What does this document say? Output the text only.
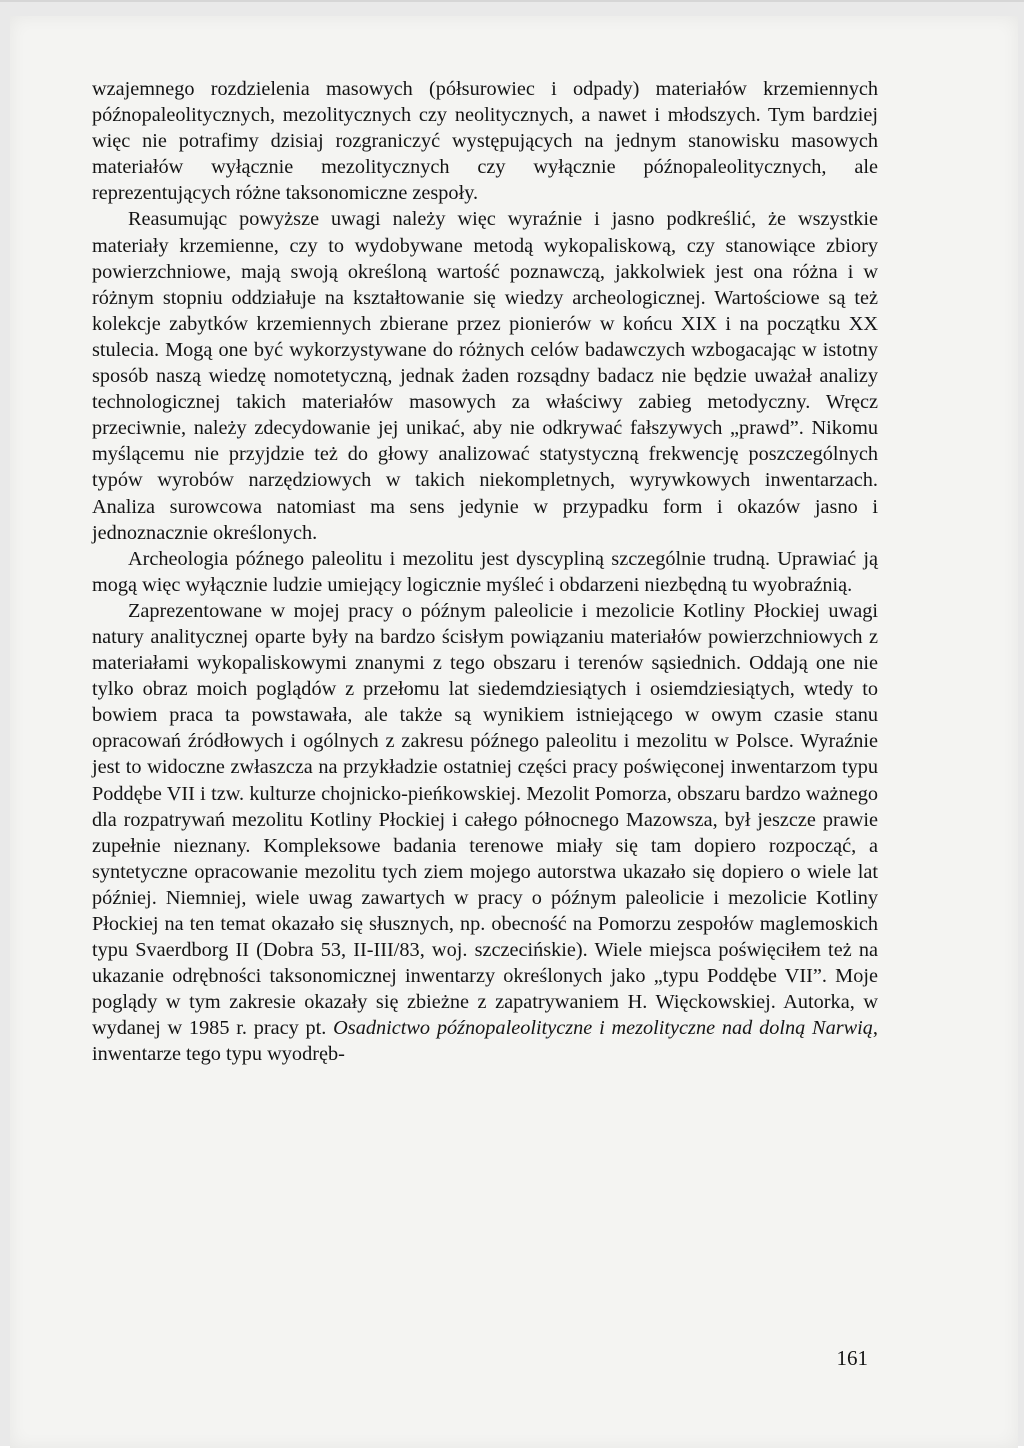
wzajemnego rozdzielenia masowych (półsurowiec i odpady) materiałów krzemiennych późnopaleolitycznych, mezolitycznych czy neolitycznych, a nawet i młodszych. Tym bardziej więc nie potrafimy dzisiaj rozgraniczyć występujących na jednym stanowisku masowych materiałów wyłącznie mezolitycznych czy wyłącznie późnopaleolitycznych, ale reprezentujących różne taksonomiczne zespoły.

Reasumując powyższe uwagi należy więc wyraźnie i jasno podkreślić, że wszystkie materiały krzemienne, czy to wydobywane metodą wykopaliskową, czy stanowiące zbiory powierzchniowe, mają swoją określoną wartość poznawczą, jakkolwiek jest ona różna i w różnym stopniu oddziałuje na kształtowanie się wiedzy archeologicznej. Wartościowe są też kolekcje zabytków krzemiennych zbierane przez pionierów w końcu XIX i na początku XX stulecia. Mogą one być wykorzystywane do różnych celów badawczych wzbogacając w istotny sposób naszą wiedzę nomotetyczną, jednak żaden rozsądny badacz nie będzie uważał analizy technologicznej takich materiałów masowych za właściwy zabieg metodyczny. Wręcz przeciwnie, należy zdecydowanie jej unikać, aby nie odkrywać fałszywych „prawd”. Nikomu myślącemu nie przyjdzie też do głowy analizować statystyczną frekwencję poszczególnych typów wyrobów narzędziowych w takich niekompletnych, wyrywkowych inwentarzach. Analiza surowcowa natomiast ma sens jedynie w przypadku form i okazów jasno i jednoznacznie określonych.

Archeologia późnego paleolitu i mezolitu jest dyscypliną szczególnie trudną. Uprawiać ją mogą więc wyłącznie ludzie umiejący logicznie myśleć i obdarzeni niezbędną tu wyobraźnią.

Zaprezentowane w mojej pracy o późnym paleolicie i mezolicie Kotliny Płockiej uwagi natury analitycznej oparte były na bardzo ścisłym powiązaniu materiałów powierzchniowych z materiałami wykopaliskowymi znanymi z tego obszaru i terenów sąsiednich. Oddają one nie tylko obraz moich poglądów z przełomu lat siedemdziesiątych i osiemdziesiątych, wtedy to bowiem praca ta powstawała, ale także są wynikiem istniejącego w owym czasie stanu opracowań źródłowych i ogólnych z zakresu późnego paleolitu i mezolitu w Polsce. Wyraźnie jest to widoczne zwłaszcza na przykładzie ostatniej części pracy poświęconej inwentarzom typu Poddębe VII i tzw. kulturze chojnicko-pieńkowskiej. Mezolit Pomorza, obszaru bardzo ważnego dla rozpatrywań mezolitu Kotliny Płockiej i całego północnego Mazowsza, był jeszcze prawie zupełnie nieznany. Kompleksowe badania terenowe miały się tam dopiero rozpocząć, a syntetyczne opracowanie mezolitu tych ziem mojego autorstwa ukazało się dopiero o wiele lat później. Niemniej, wiele uwag zawartych w pracy o późnym paleolicie i mezolicie Kotliny Płockiej na ten temat okazało się słusznych, np. obecność na Pomorzu zespołów maglemoskich typu Svaerdborg II (Dobra 53, II-III/83, woj. szczecińskie). Wiele miejsca poświęciłem też na ukazanie odrębności taksonomicznej inwentarzy określonych jako „typu Poddębe VII”. Moje poglądy w tym zakresie okazały się zbieżne z zapatrywaniem H. Więckowskiej. Autorka, w wydanej w 1985 r. pracy pt. Osadnictwo późnopaleolityczne i mezolityczne nad dolną Narwią, inwentarze tego typu wyodręb-

161
